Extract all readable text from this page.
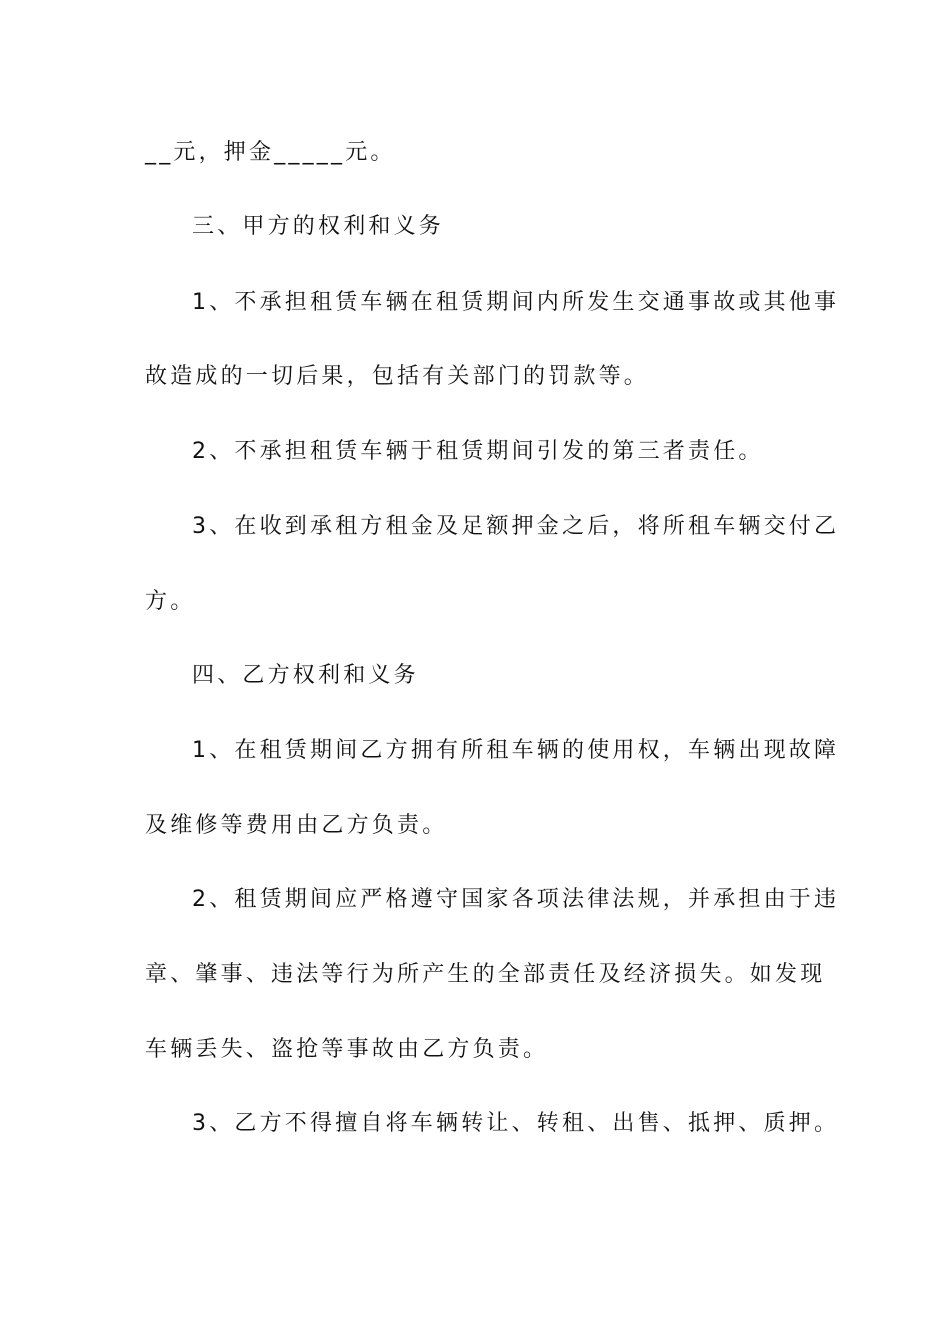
__元，押金_____元。
三、甲方的权利和义务
1、不承担租赁车辆在租赁期间内所发生交通事故或其他事
故造成的一切后果，包括有关部门的罚款等。
2、不承担租赁车辆于租赁期间引发的第三者责任。
3、在收到承租方租金及足额押金之后，将所租车辆交付乙
方。
四、乙方权利和义务
1、在租赁期间乙方拥有所租车辆的使用权，车辆出现故障
及维修等费用由乙方负责。
2、租赁期间应严格遵守国家各项法律法规，并承担由于违
章、肇事、违法等行为所产生的全部责任及经济损失。如发现
车辆丢失、盗抢等事故由乙方负责。
3、乙方不得擅自将车辆转让、转租、出售、抵押、质押。
